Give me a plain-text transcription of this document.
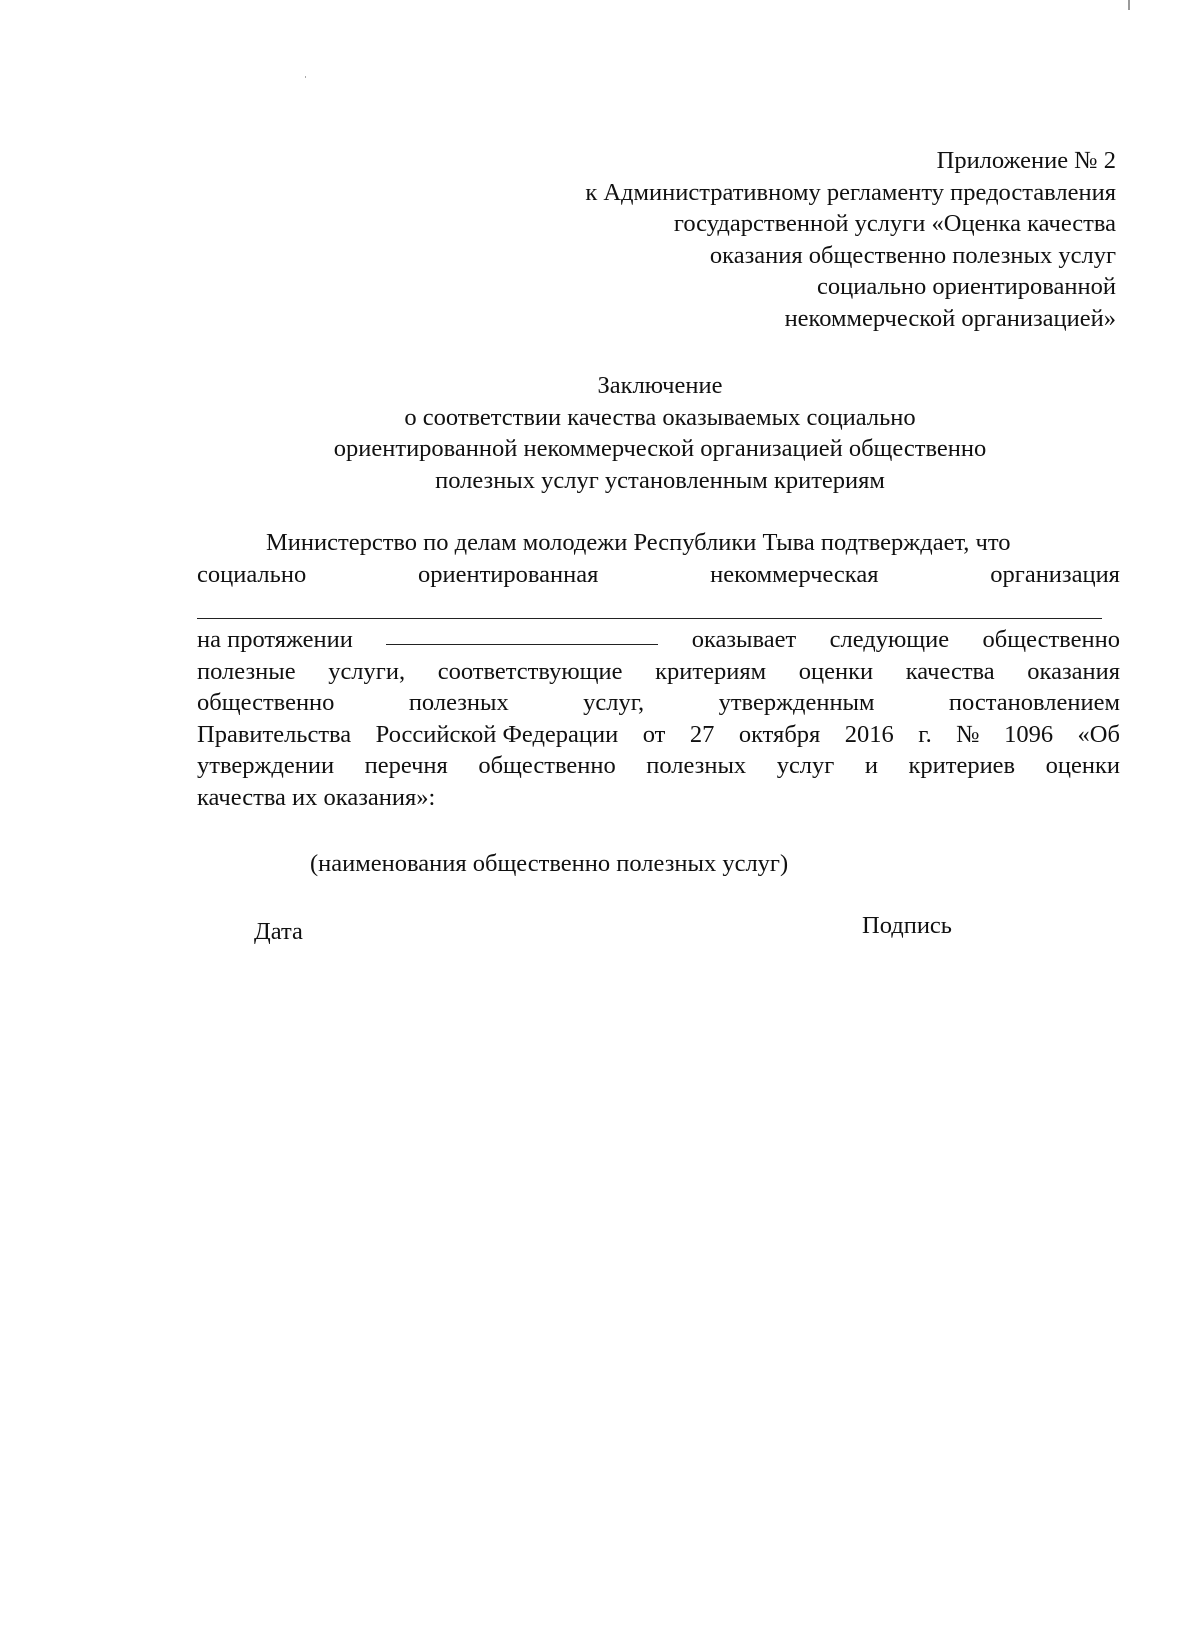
Приложение № 2
к Административному регламенту предоставления
государственной услуги «Оценка качества
оказания общественно полезных услуг
социально ориентированной
некоммерческой организацией»
Заключение
о соответствии качества оказываемых социально
ориентированной некоммерческой организацией общественно
полезных услуг установленным критериям
Министерство по делам молодежи Республики Тыва подтверждает, что
социально	ориентированная	некоммерческая	организация
на протяжении	оказывает следующие общественно
полезные услуги, соответствующие критериям оценки качества оказания
общественно	полезных	услуг,	утвержденным	постановлением
Правительства Российской Федерации от 27 октября 2016 г. № 1096 «Об
утверждении перечня общественно полезных услуг и критериев оценки
качества их оказания»:
(наименования общественно полезных услуг)
Дата	Подпись
